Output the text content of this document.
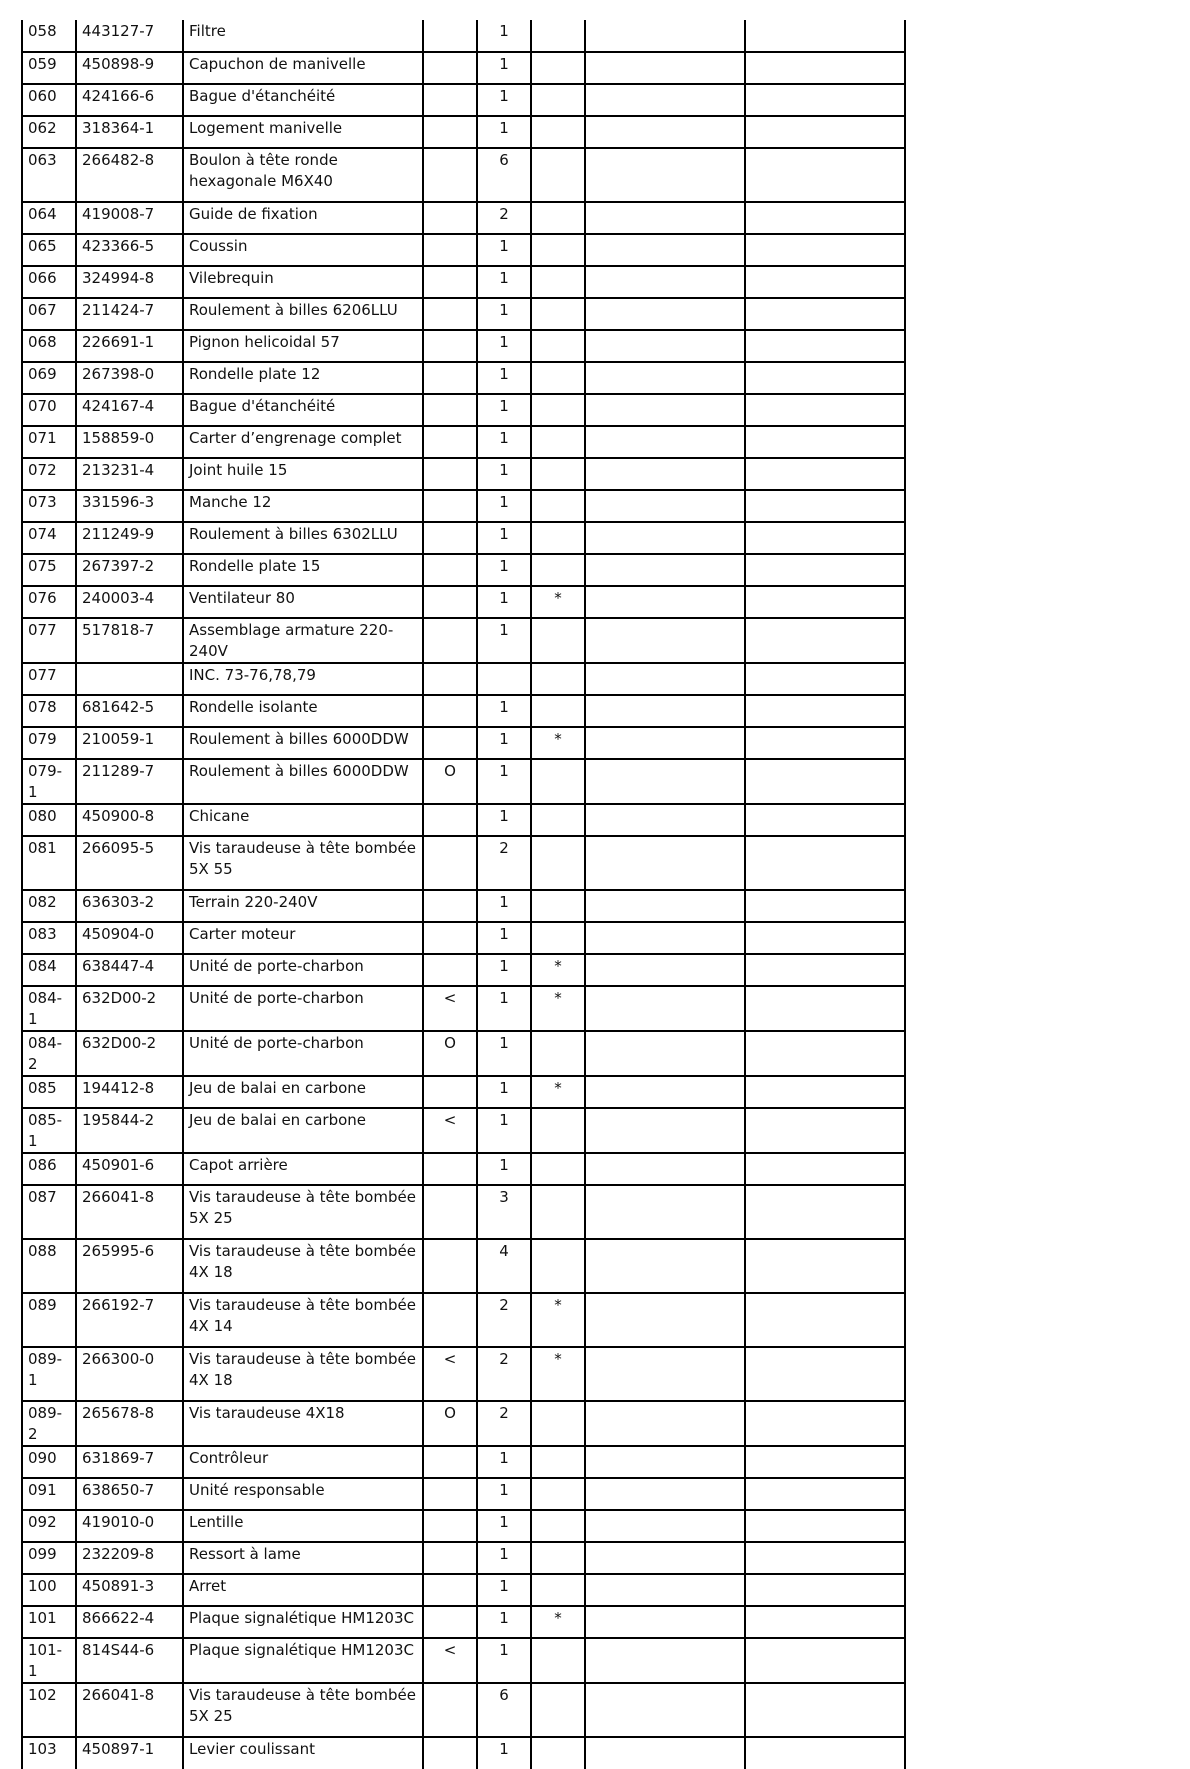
058	443127-7	Filtre		1			
059	450898-9	Capuchon de manivelle		1			
060	424166-6	Bague d'étanchéité		1			
062	318364-1	Logement manivelle		1			
063	266482-8	Boulon à tête ronde hexagonale M6X40		6			
064	419008-7	Guide de fixation		2			
065	423366-5	Coussin		1			
066	324994-8	Vilebrequin		1			
067	211424-7	Roulement à billes 6206LLU		1			
068	226691-1	Pignon helicoidal 57		1			
069	267398-0	Rondelle plate 12		1			
070	424167-4	Bague d'étanchéité		1			
071	158859-0	Carter d’engrenage complet		1			
072	213231-4	Joint huile 15		1			
073	331596-3	Manche 12		1			
074	211249-9	Roulement à billes 6302LLU		1			
075	267397-2	Rondelle plate 15		1			
076	240003-4	Ventilateur 80		1	*		
077	517818-7	Assemblage armature 220-240V		1			
077		INC. 73-76,78,79					
078	681642-5	Rondelle isolante		1			
079	210059-1	Roulement à billes 6000DDW		1	*		
079-1	211289-7	Roulement à billes 6000DDW	O	1			
080	450900-8	Chicane		1			
081	266095-5	Vis taraudeuse à tête bombée 5X 55		2			
082	636303-2	Terrain 220-240V		1			
083	450904-0	Carter moteur		1			
084	638447-4	Unité de porte-charbon		1	*		
084-1	632D00-2	Unité de porte-charbon	<	1	*		
084-2	632D00-2	Unité de porte-charbon	O	1			
085	194412-8	Jeu de balai en carbone		1	*		
085-1	195844-2	Jeu de balai en carbone	<	1			
086	450901-6	Capot arrière		1			
087	266041-8	Vis taraudeuse à tête bombée 5X 25		3			
088	265995-6	Vis taraudeuse à tête bombée 4X 18		4			
089	266192-7	Vis taraudeuse à tête bombée 4X 14		2	*		
089-1	266300-0	Vis taraudeuse à tête bombée 4X 18	<	2	*		
089-2	265678-8	Vis taraudeuse 4X18	O	2			
090	631869-7	Contrôleur		1			
091	638650-7	Unité responsable		1			
092	419010-0	Lentille		1			
099	232209-8	Ressort à lame		1			
100	450891-3	Arret		1			
101	866622-4	Plaque signalétique HM1203C		1	*		
101-1	814S44-6	Plaque signalétique HM1203C	<	1			
102	266041-8	Vis taraudeuse à tête bombée 5X 25		6			
103	450897-1	Levier coulissant		1			
